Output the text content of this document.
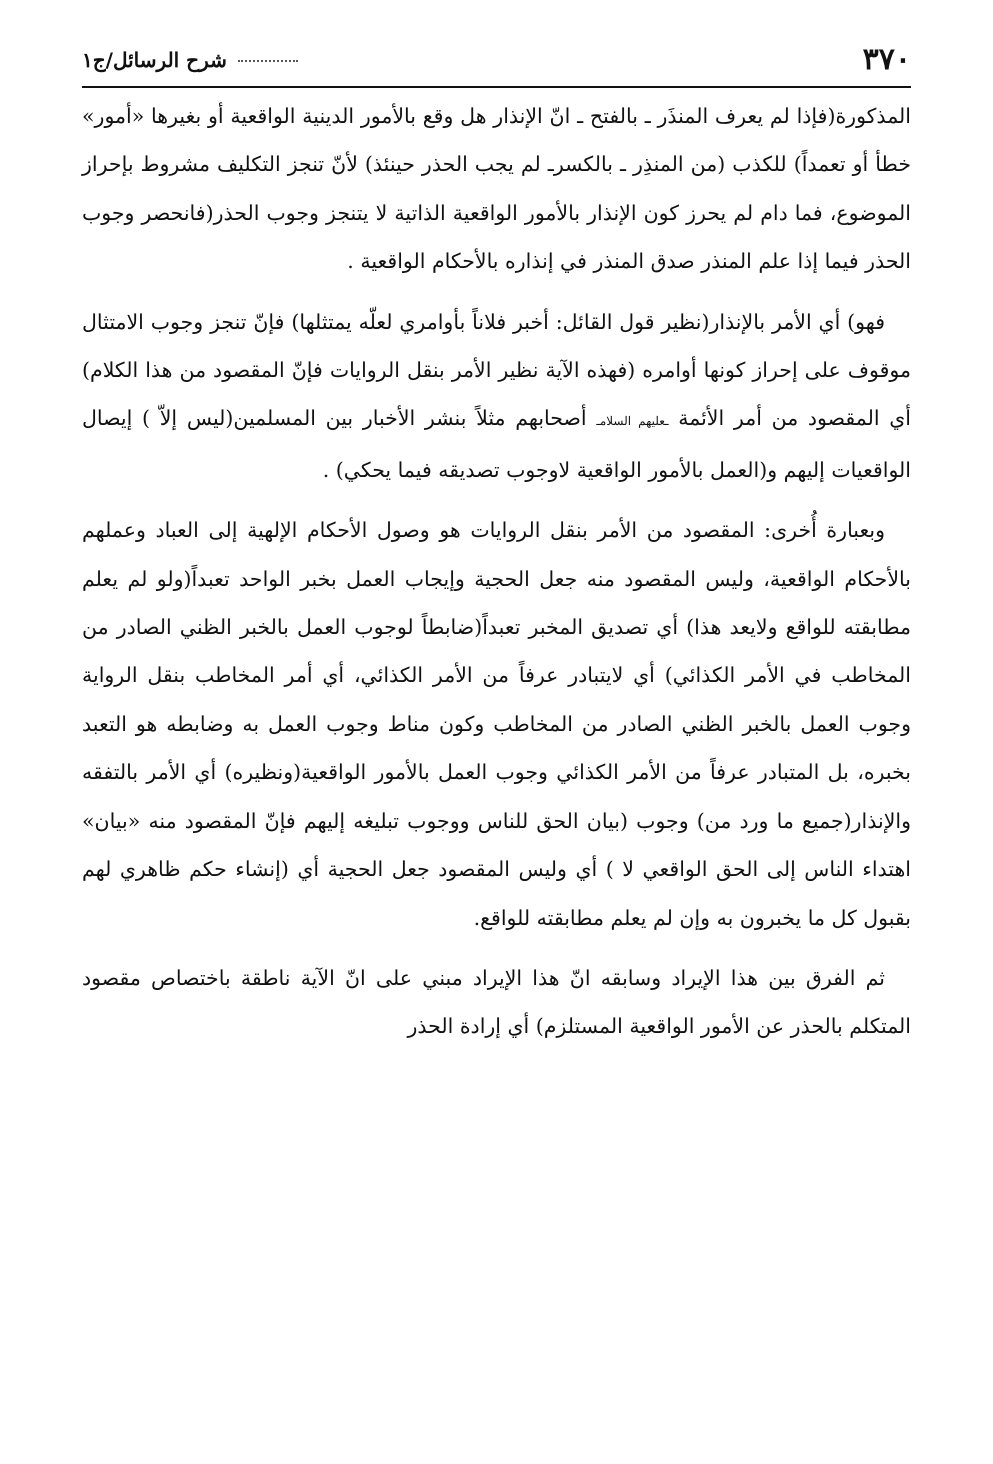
٣٧٠
شرح الرسائل/ج١

المذكورة(فإذا لم يعرف المنذَر ـ بالفتح ـ انّ الإنذار هل وقع بالأمور الدينية الواقعية أو بغيرها «أمور» خطأ أو تعمداً) للكذب (من المنذِر ـ بالكسرـ لم يجب الحذر حينئذ) لأنّ تنجز التكليف مشروط بإحراز الموضوع، فما دام لم يحرز كون الإنذار بالأمور الواقعية الذاتية لا يتنجز وجوب الحذر(فانحصر وجوب الحذر فيما إذا علم المنذر صدق المنذر في إنذاره بالأحكام الواقعية .

فهو) أي الأمر بالإنذار(نظير قول القائل: أخبر فلاناً بأوامري لعلّه يمتثلها) فإنّ تنجز وجوب الامتثال موقوف على إحراز كونها أوامره (فهذه الآية نظير الأمر بنقل الروايات فإنّ المقصود من هذا الكلام) أي المقصود من أمر الأئمة ـعليهم السلامـ أصحابهم مثلاً بنشر الأخبار بين المسلمين(ليس إلاّ ) إيصال الواقعيات إليهم و(العمل بالأمور الواقعية لاوجوب تصديقه فيما يحكي) .

وبعبارة أُخرى: المقصود من الأمر بنقل الروايات هو وصول الأحكام الإلهية إلى العباد وعملهم بالأحكام الواقعية، وليس المقصود منه جعل الحجية وإيجاب العمل بخبر الواحد تعبداً(ولو لم يعلم مطابقته للواقع ولايعد هذا) أي تصديق المخبر تعبداً(ضابطاً لوجوب العمل بالخبر الظني الصادر من المخاطب في الأمر الكذائي) أي لايتبادر عرفاً من الأمر الكذائي، أي أمر المخاطب بنقل الرواية وجوب العمل بالخبر الظني الصادر من المخاطب وكون مناط وجوب العمل به وضابطه هو التعبد بخبره، بل المتبادر عرفاً من الأمر الكذائي وجوب العمل بالأمور الواقعية(ونظيره) أي الأمر بالتفقه والإنذار(جميع ما ورد من) وجوب (بيان الحق للناس ووجوب تبليغه إليهم فإنّ المقصود منه «بيان» اهتداء الناس إلى الحق الواقعي لا ) أي وليس المقصود جعل الحجية أي (إنشاء حكم ظاهري لهم بقبول كل ما يخبرون به وإن لم يعلم مطابقته للواقع.

ثم الفرق بين هذا الإيراد وسابقه انّ هذا الإيراد مبني على انّ الآية ناطقة باختصاص مقصود المتكلم بالحذر عن الأمور الواقعية المستلزم) أي إرادة الحذر
